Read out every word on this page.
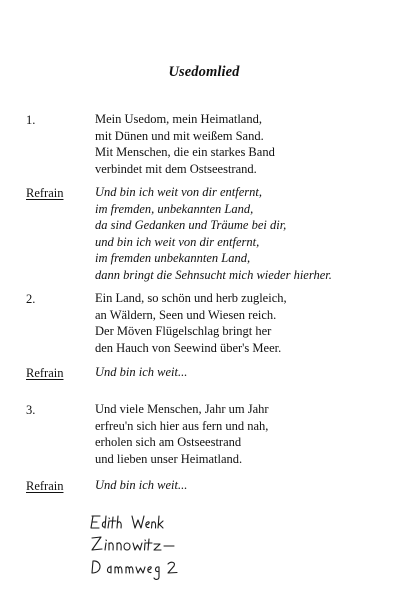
Usedomlied
1.	Mein Usedom, mein Heimatland,
mit Dünen und mit weißem Sand.
Mit Menschen, die ein starkes Band
verbindet mit dem Ostseestrand.
Refrain	Und bin ich weit von dir entfernt,
im fremden, unbekannten Land,
da sind Gedanken und Träume bei dir,
und bin ich weit von dir entfernt,
im fremden unbekannten Land,
dann bringt die Sehnsucht mich wieder hierher.
2.	Ein Land, so schön und herb zugleich,
an Wäldern, Seen und Wiesen reich.
Der Möven Flügelschlag bringt her
den Hauch von Seewind über's Meer.
Refrain	Und bin ich weit...
3.	Und viele Menschen, Jahr um Jahr
erfreu'n sich hier aus fern und nah,
erholen sich am Ostseestrand
und lieben unser Heimatland.
Refrain	Und bin ich weit...
